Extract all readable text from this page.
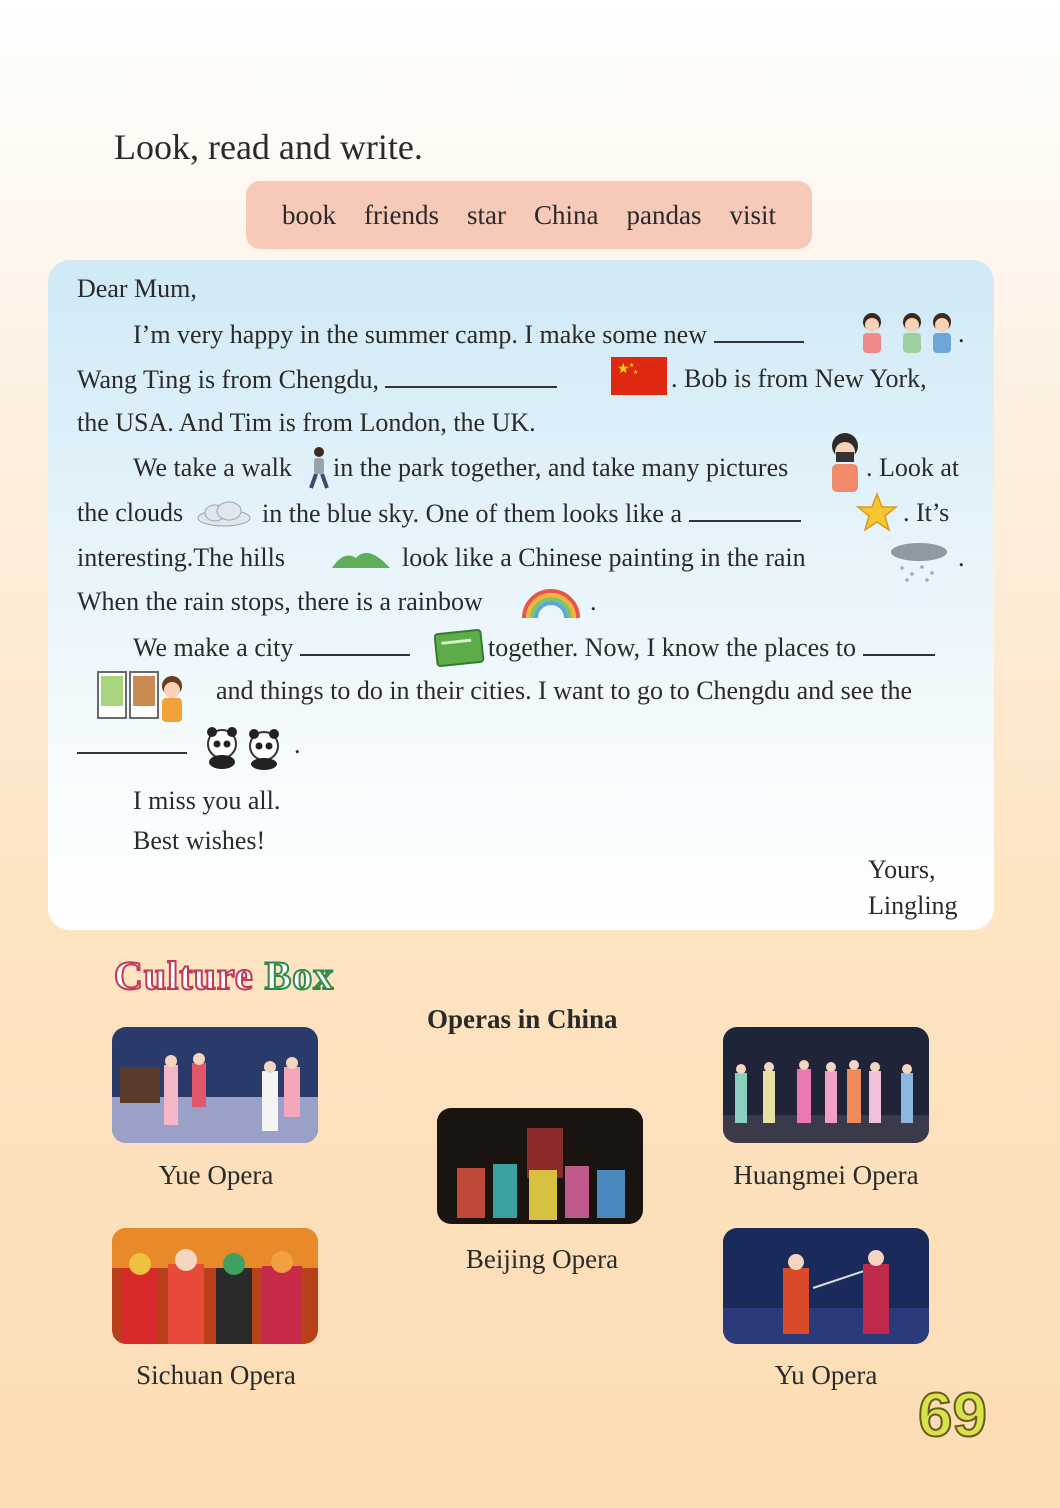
Look, read and write.
book friends star China pandas visit
Dear Mum,
I’m very happy in the summer camp. I make some new	.
Wang Ting is from Chengdu,	★ ★
★ . Bob is from New York,
the USA. And Tim is from London, the UK.
We take a walk in the park together, and take many pictures	. Look at
the clouds	in the blue sky. One of them looks like a	. It’s
interesting.The hills	look like a Chinese painting in the rain	.
When the rain stops, there is a rainbow	.
We make a city	together. Now, I know the places to
and things to do in their cities. I want to go to Chengdu and see the
.
I miss you all.
Best wishes!
Yours,
Lingling
Culture Box
Operas in China
Yue Opera	Huangmei Opera
Beijing Opera
Sichuan Opera	Yu Opera
69
